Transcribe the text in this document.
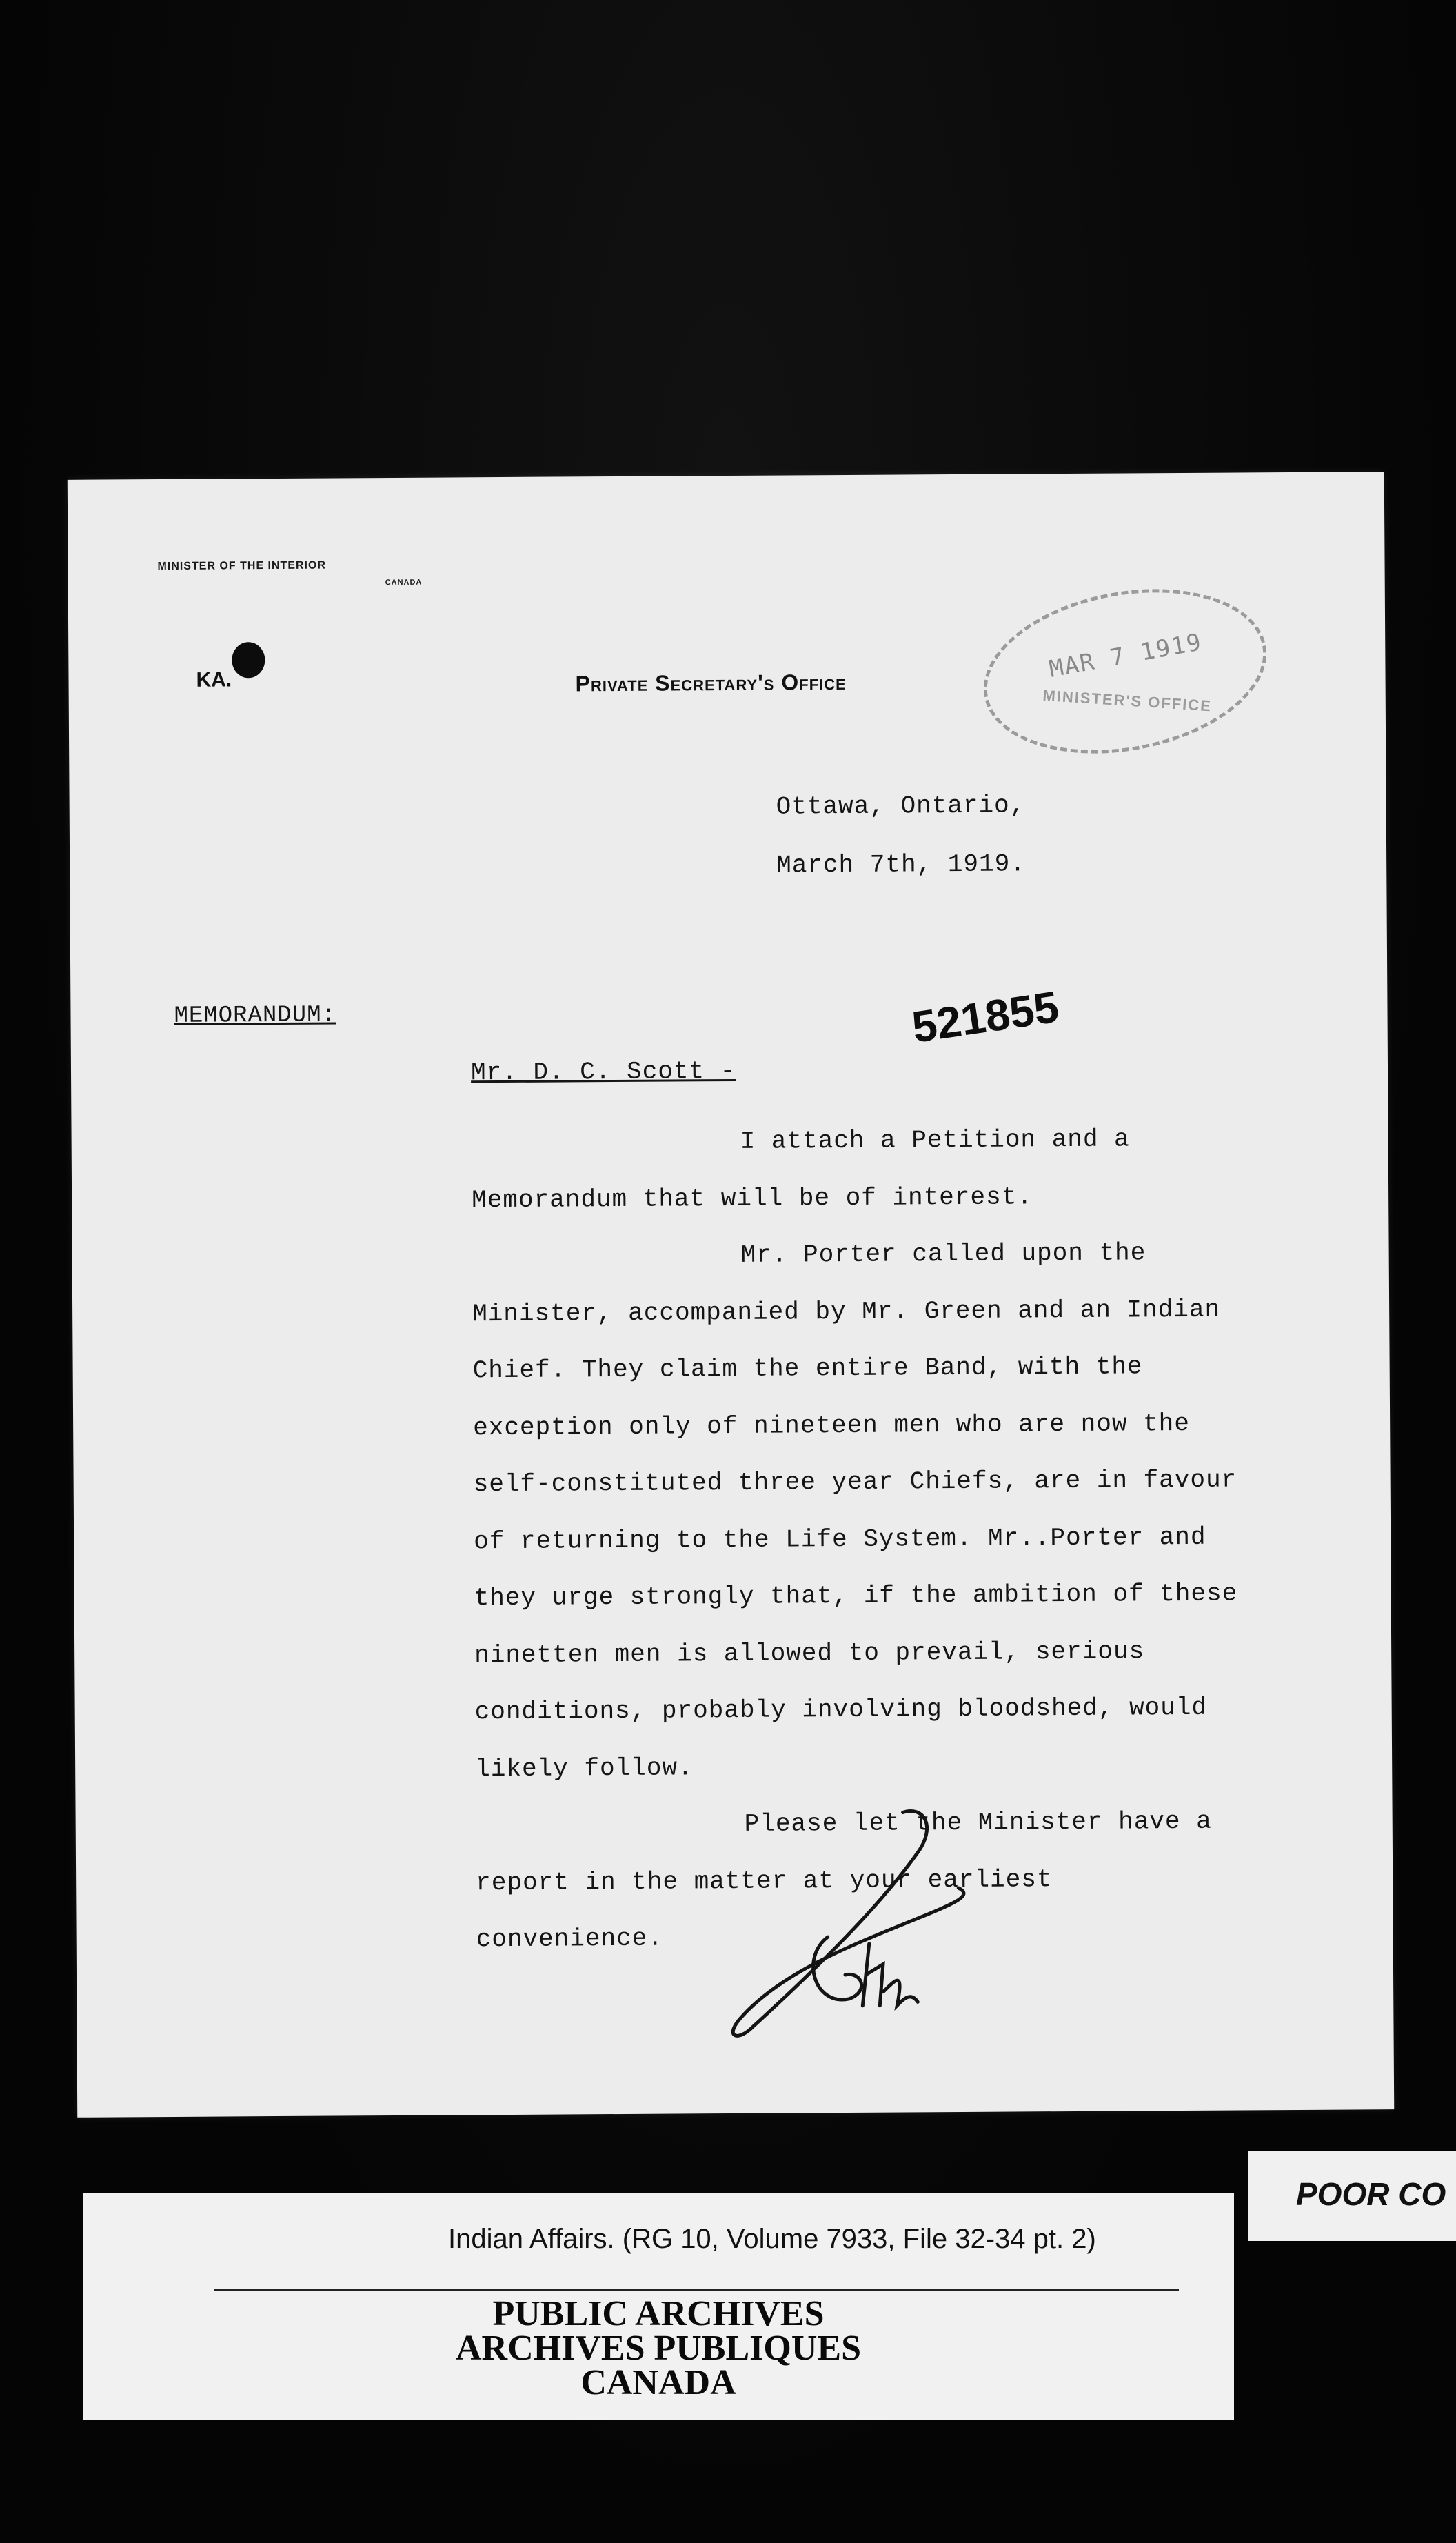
MINISTER OF THE INTERIOR
CANADA
KA.	Private Secretary's Office	MAR 7 1919
MINISTER'S OFFICE
Ottawa, Ontario,
March 7th, 1919.
MEMORANDUM:	521855
Mr. D. C. Scott -

I attach a Petition and a Memorandum that will be of interest.

Mr. Porter called upon the Minister, accompanied by Mr. Green and an Indian Chief. They claim the entire Band, with the exception only of nineteen men who are now the self-constituted three year Chiefs, are in favour of returning to the Life System. Mr..Porter and they urge strongly that, if the ambition of these ninetten men is allowed to prevail, serious conditions, probably involving bloodshed, would likely follow.

Please let the Minister have a report in the matter at your earliest convenience.

Indian Affairs. (RG 10, Volume 7933, File 32-34 pt. 2)
PUBLIC ARCHIVES
ARCHIVES PUBLIQUES
CANADA
POOR CO
